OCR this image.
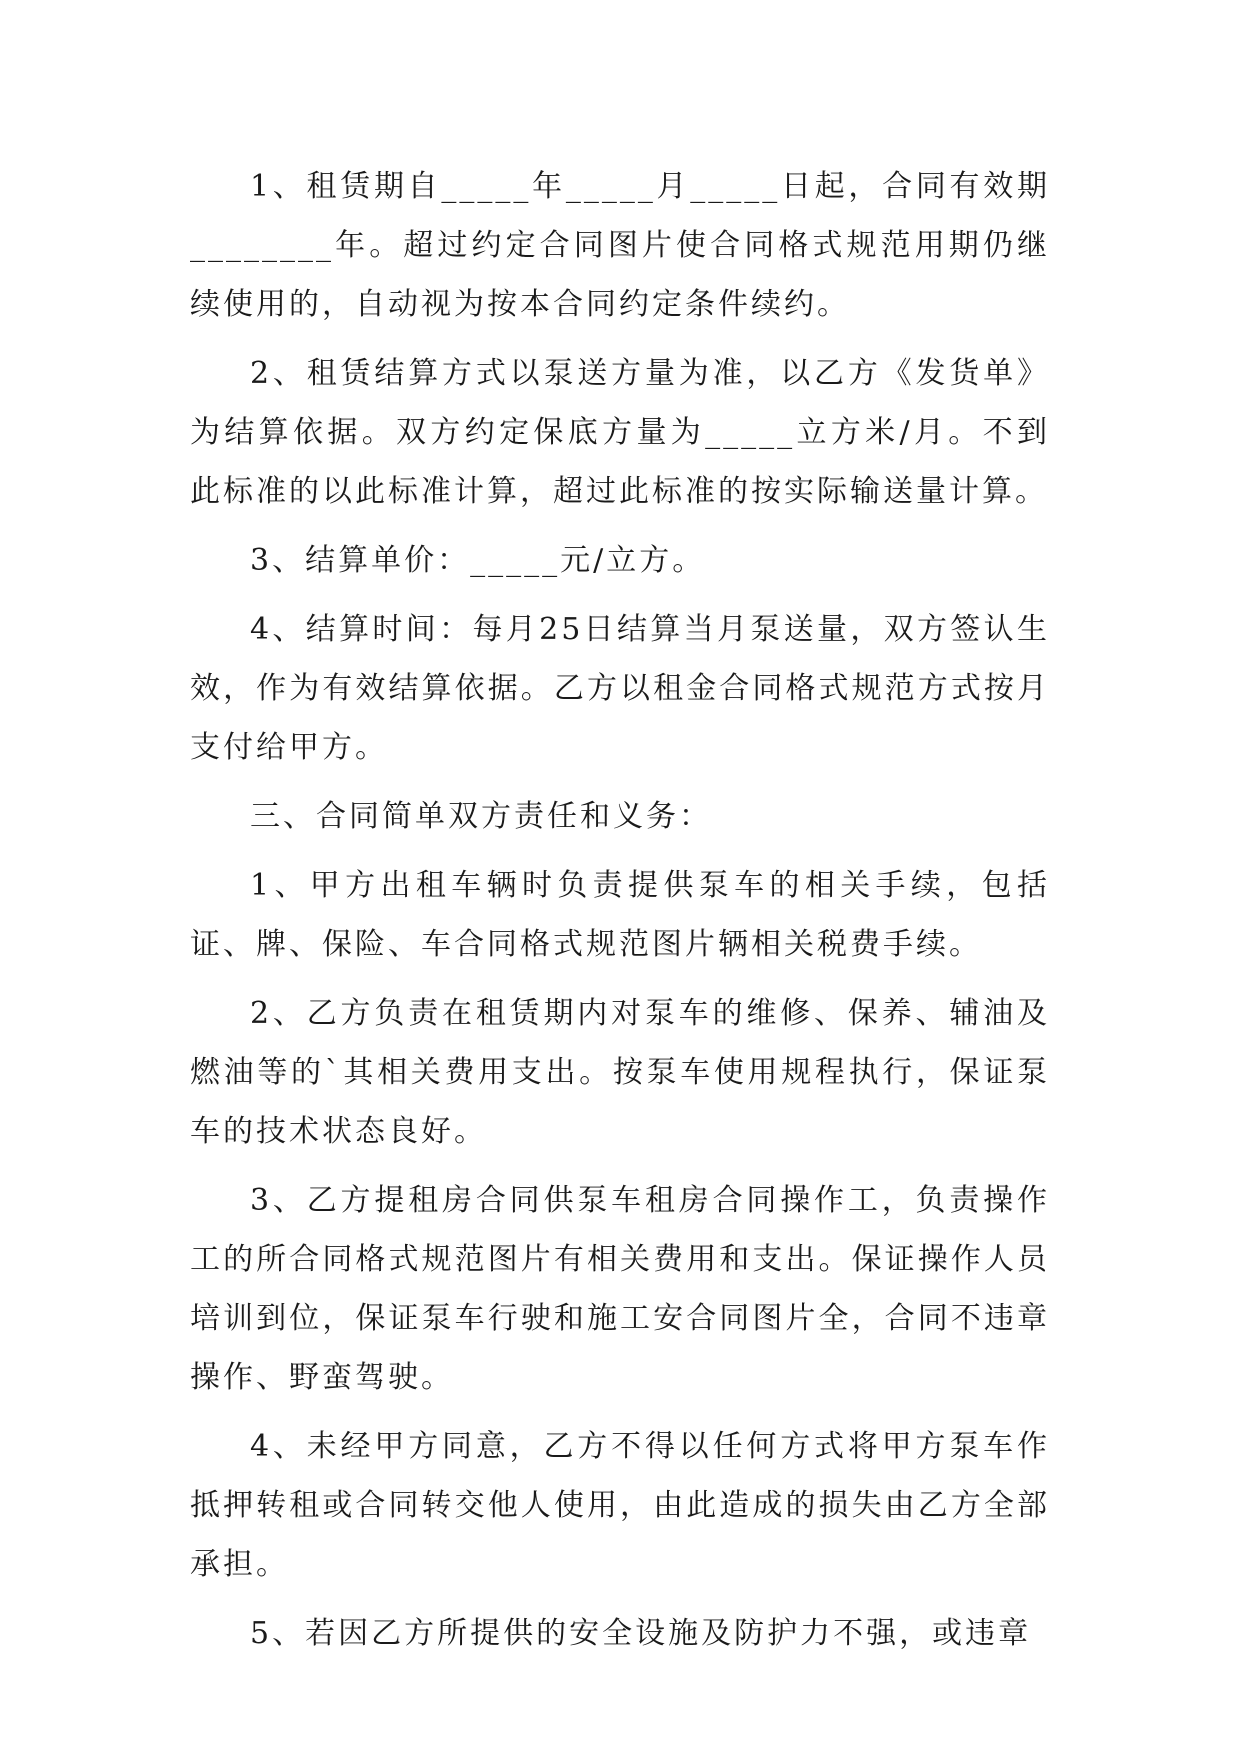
1、租赁期自_____年_____月_____日起，合同有效期________年。超过约定合同图片使合同格式规范用期仍继续使用的，自动视为按本合同约定条件续约。

2、租赁结算方式以泵送方量为准，以乙方《发货单》为结算依据。双方约定保底方量为_____立方米/月。不到此标准的以此标准计算，超过此标准的按实际输送量计算。

3、结算单价：_____元/立方。

4、结算时间：每月25日结算当月泵送量，双方签认生效，作为有效结算依据。乙方以租金合同格式规范方式按月支付给甲方。

三、合同简单双方责任和义务：

1、甲方出租车辆时负责提供泵车的相关手续，包括证、牌、保险、车合同格式规范图片辆相关税费手续。

2、乙方负责在租赁期内对泵车的维修、保养、辅油及燃油等的`其相关费用支出。按泵车使用规程执行，保证泵车的技术状态良好。

3、乙方提租房合同供泵车租房合同操作工，负责操作工的所合同格式规范图片有相关费用和支出。保证操作人员培训到位，保证泵车行驶和施工安合同图片全，合同不违章操作、野蛮驾驶。

4、未经甲方同意，乙方不得以任何方式将甲方泵车作抵押转租或合同转交他人使用，由此造成的损失由乙方全部承担。

5、若因乙方所提供的安全设施及防护力不强，或违章
